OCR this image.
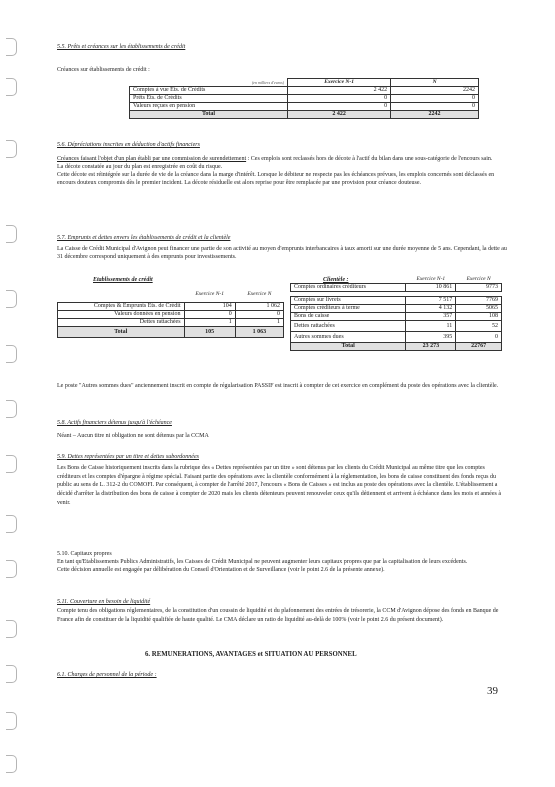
5.5. Prêts et créances sur les établissements de crédit
Créances sur établissements de crédit :
(en milliers d'euros)	Exercice N-1	N
Comptes à vue Ets. de Crédits	2 422	2242
Prêts Ets. de Crédits	0	0
Valeurs reçues en pension	0	0
Total	2 422	2242
5.6. Dépréciations inscrites en déduction d'actifs financiers

Créances faisant l'objet d'un plan établi par une commission de surendettement : Ces emplois sont reclassés hors de décote à l'actif du bilan dans une sous-catégorie de l'encours sain.

La décote constatée au jour du plan est enregistrée en coût du risque.

Cette décote est réintégrée sur la durée de vie de la créance dans la marge d'intérêt. Lorsque le débiteur ne respecte pas les échéances prévues, les emplois concernés sont déclassés en encours douteux compromis dès le premier incident. La décote résiduelle est alors reprise pour être remplacée par une provision pour créance douteuse.

5.7. Emprunts et dettes envers les établissements de crédit et la clientèle
La Caisse de Crédit Municipal d'Avignon peut financer une partie de son activité au moyen d'emprunts interbancaires à taux amorti sur une durée moyenne de 5 ans. Cependant, la dette au 31 décembre correspond uniquement à des emprunts pour investissements.
Etablissements de crédit	Clientèle :
	Exercice N-1	Exercice N
Comptes & Emprunts Ets. de Crédit	104	1 062
Valeurs données en pension	0	0
Dettes rattachées	1	1
Total	105	1 063
	Exercice N-1	Exercice N
Comptes ordinaires créditeurs	10 861	9773

Comptes sur livrets	7 517	7769
Comptes créditeurs à terme	4 132	5065
Bons de caisse	357	108
Dettes rattachées	11	52
Autres sommes dues	395	0
Total	23 273	22767
Le poste "Autres sommes dues" anciennement inscrit en compte de régularisation PASSIF est inscrit à compter de cet exercice en complément du poste des opérations avec la clientèle.
5.8. Actifs financiers détenus jusqu'à l'échéance
Néant – Aucun titre ni obligation ne sont détenus par la CCMA
5.9. Dettes représentées par un titre et dettes subordonnées
Les Bons de Caisse historiquement inscrits dans la rubrique des « Dettes représentées par un titre » sont détenus par les clients du Crédit Municipal au même titre que les comptes créditeurs et les comptes d'épargne à régime spécial. Faisant partie des opérations avec la clientèle conformément à la réglementation, les bons de caisse constituent des fonds reçus du public au sens de L. 312-2 du COMOFI. Par conséquent, à compter de l'arrêté 2017, l'encours « Bons de Caisses » est inclus au poste des opérations avec la clientèle. L'établissement a décidé d'arrêter la distribution des bons de caisse à compter de 2020 mais les clients détenteurs peuvent renouveler ceux qu'ils détiennent et arrivent à échéance dans les mois et années à venir.
5.10. Capitaux propres

En tant qu'Etablissements Publics Administratifs, les Caisses de Crédit Municipal ne peuvent augmenter leurs capitaux propres que par la capitalisation de leurs excédents.

Cette décision annuelle est engagée par délibération du Conseil d'Orientation et de Surveillance (voir le point 2.6 de la présente annexe).

5.11. Couverture en besoin de liquidité
Compte tenu des obligations réglementaires, de la constitution d'un coussin de liquidité et du plafonnement des entrées de trésorerie, la CCM d'Avignon dépose des fonds en Banque de France afin de constituer de la liquidité qualifiée de haute qualité. Le CMA déclare un ratio de liquidité au-delà de 100% (voir le point 2.6 du présent document).
6. REMUNERATIONS, AVANTAGES et SITUATION AU PERSONNEL
6.1. Charges de personnel de la période :
39
